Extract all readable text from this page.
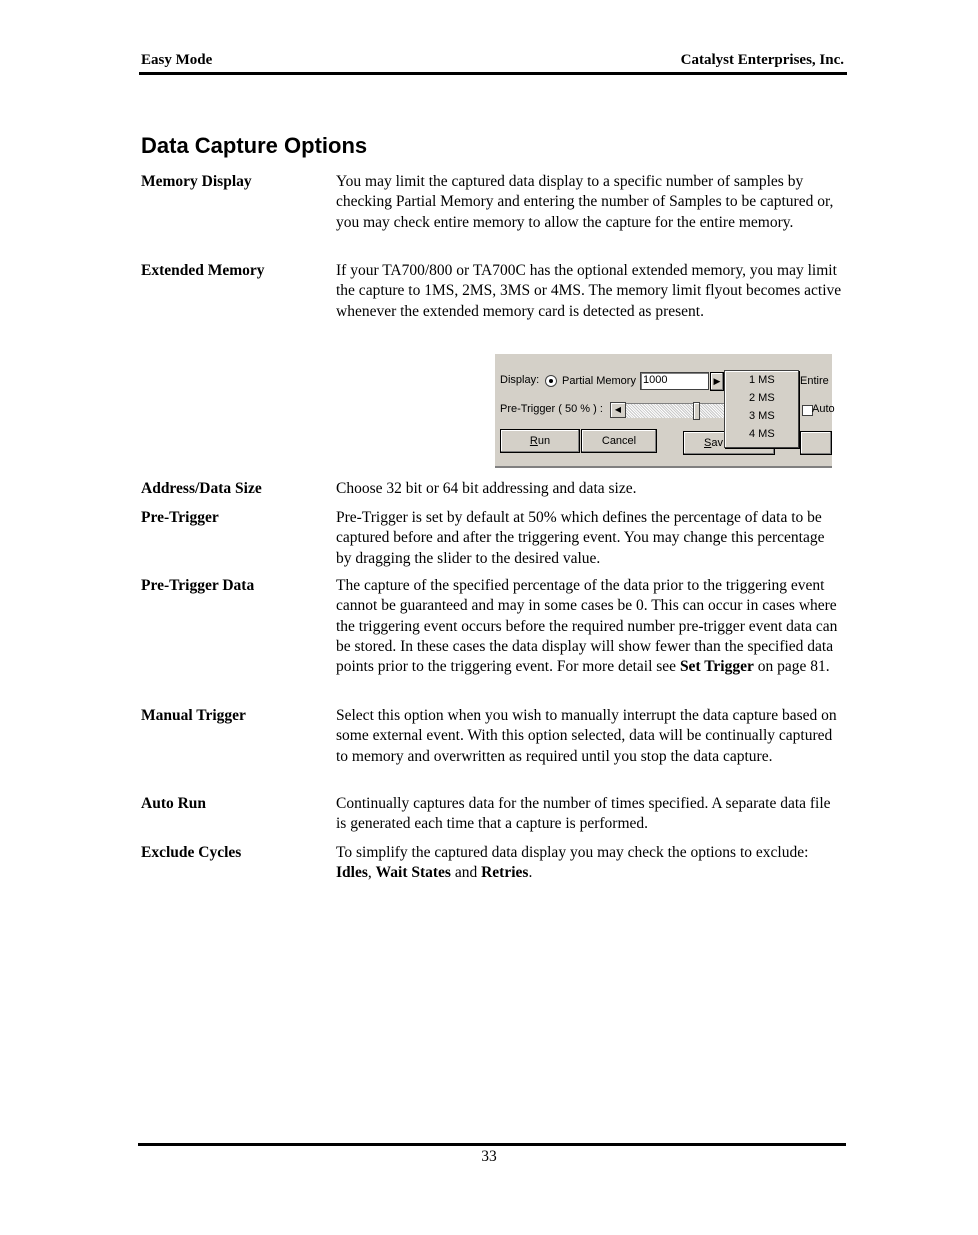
Easy Mode	Catalyst Enterprises, Inc.
Data Capture Options
Memory Display	You may limit the captured data display to a specific number of samples by checking Partial Memory and entering the number of Samples to be captured or, you may check entire memory to allow the capture for the entire memory.
Extended Memory	If your TA700/800 or TA700C has the optional extended memory, you may limit the capture to 1MS, 2MS, 3MS or 4MS. The memory limit flyout becomes active whenever the extended memory card is detected as present.
Display: Partial Memory 1000	▶	Entire
Pre-Trigger ( 50 % ) :	◀	Auto
Run	Cancel	Sav
1 MS
2 MS
3 MS
4 MS
Address/Data Size	Choose 32 bit or 64 bit addressing and data size.
Pre-Trigger	Pre-Trigger is set by default at 50% which defines the percentage of data to be captured before and after the triggering event. You may change this percentage by dragging the slider to the desired value.
Pre-Trigger Data	The capture of the specified percentage of the data prior to the triggering event cannot be guaranteed and may in some cases be 0. This can occur in cases where the triggering event occurs before the required number pre-trigger event data can be stored. In these cases the data display will show fewer than the specified data points prior to the triggering event. For more detail see Set Trigger on page 81.
Manual Trigger	Select this option when you wish to manually interrupt the data capture based on some external event. With this option selected, data will be continually captured to memory and overwritten as required until you stop the data capture.
Auto Run	Continually captures data for the number of times specified. A separate data file is generated each time that a capture is performed.
Exclude Cycles	To simplify the captured data display you may check the options to exclude: Idles, Wait States and Retries.
33
